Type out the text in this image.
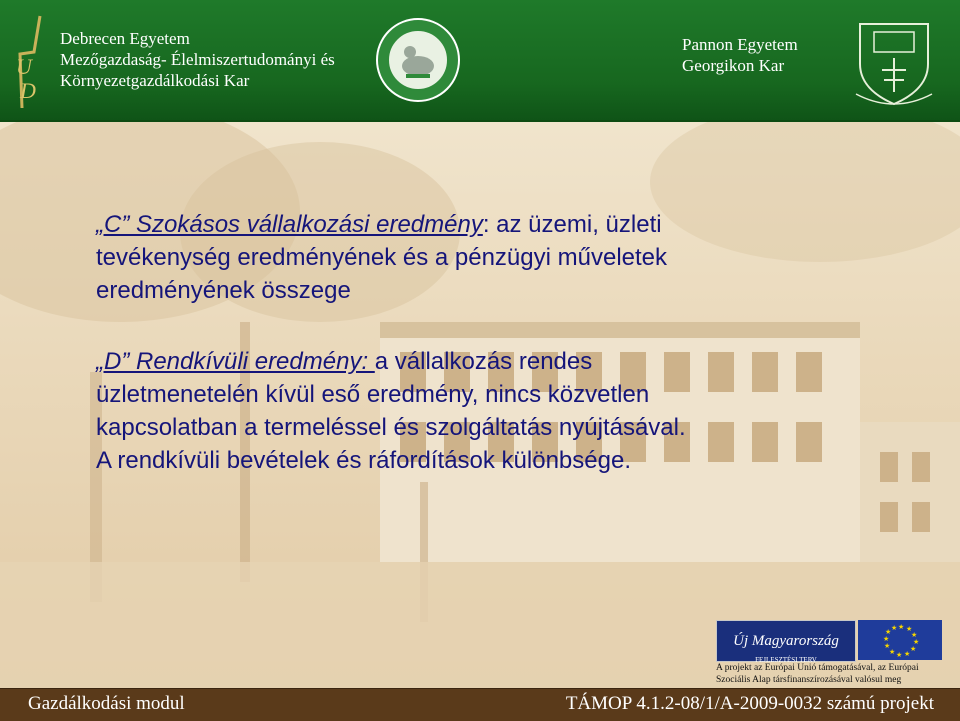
U
D
Debrecen Egyetem
Mezőgazdaság- Élelmiszertudományi és
Környezetgazdálkodási Kar
Pannon Egyetem
Georgikon Kar

„C” Szokásos vállalkozási eredmény: az üzemi, üzleti
tevékenység eredményének és a pénzügyi műveletek
eredményének összege

„D” Rendkívüli eredmény: a vállalkozás rendes
üzletmenetelén kívül eső eredmény, nincs közvetlen
kapcsolatban a termeléssel és szolgáltatás nyújtásával.
A rendkívüli bevételek és ráfordítások különbsége.

Új Magyarország
FEJLESZTÉSI TERV
★ ★
★
★
★
★
★
★
★
★
★ ★
A projekt az Európai Unió támogatásával, az Európai
Szociális Alap társfinanszírozásával valósul meg
Gazdálkodási modul	TÁMOP 4.1.2-08/1/A-2009-0032 számú projekt
